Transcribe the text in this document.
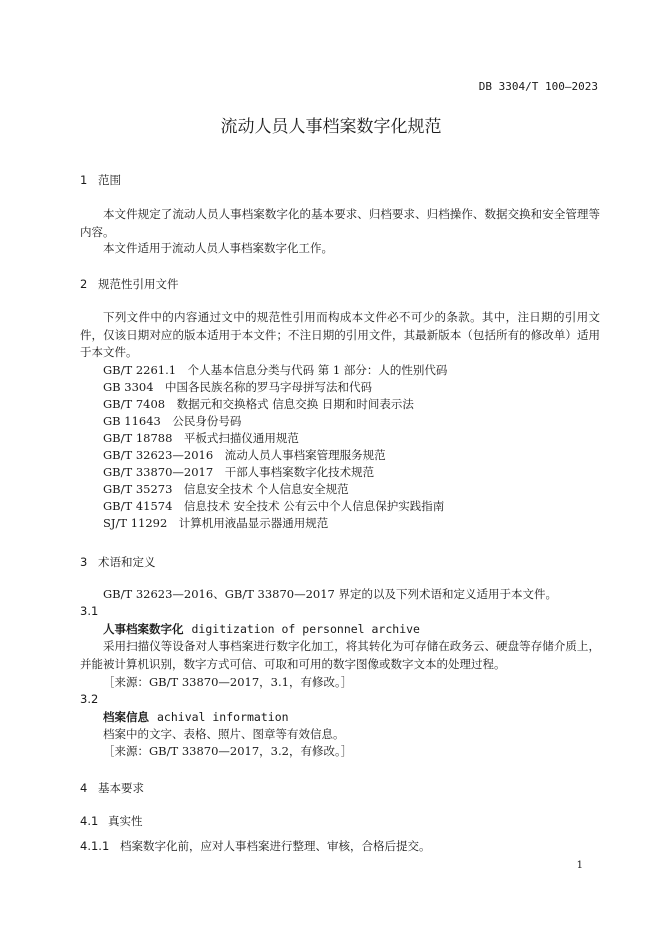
DB 3304/T 100—2023
流动人员人事档案数字化规范
1 范围
本文件规定了流动人员人事档案数字化的基本要求、归档要求、归档操作、数据交换和安全管理等内容。
本文件适用于流动人员人事档案数字化工作。
2 规范性引用文件
下列文件中的内容通过文中的规范性引用而构成本文件必不可少的条款。其中，注日期的引用文件，仅该日期对应的版本适用于本文件；不注日期的引用文件，其最新版本（包括所有的修改单）适用于本文件。
GB/T 2261.1　个人基本信息分类与代码 第 1 部分：人的性别代码
GB 3304　中国各民族名称的罗马字母拼写法和代码
GB/T 7408　数据元和交换格式 信息交换 日期和时间表示法
GB 11643　公民身份号码
GB/T 18788　平板式扫描仪通用规范
GB/T 32623—2016　流动人员人事档案管理服务规范
GB/T 33870—2017　干部人事档案数字化技术规范
GB/T 35273　信息安全技术 个人信息安全规范
GB/T 41574　信息技术 安全技术 公有云中个人信息保护实践指南
SJ/T 11292　计算机用液晶显示器通用规范
3 术语和定义
GB/T 32623—2016、GB/T 33870—2017 界定的以及下列术语和定义适用于本文件。
3.1
人事档案数字化 digitization of personnel archive
采用扫描仪等设备对人事档案进行数字化加工，将其转化为可存储在政务云、硬盘等存储介质上，并能被计算机识别，数字方式可信、可取和可用的数字图像或数字文本的处理过程。
［来源：GB/T 33870—2017，3.1，有修改。］
3.2
档案信息 achival information
档案中的文字、表格、照片、图章等有效信息。
［来源：GB/T 33870—2017，3.2，有修改。］
4 基本要求
4.1 真实性
4.1.1 档案数字化前，应对人事档案进行整理、审核，合格后提交。
1
